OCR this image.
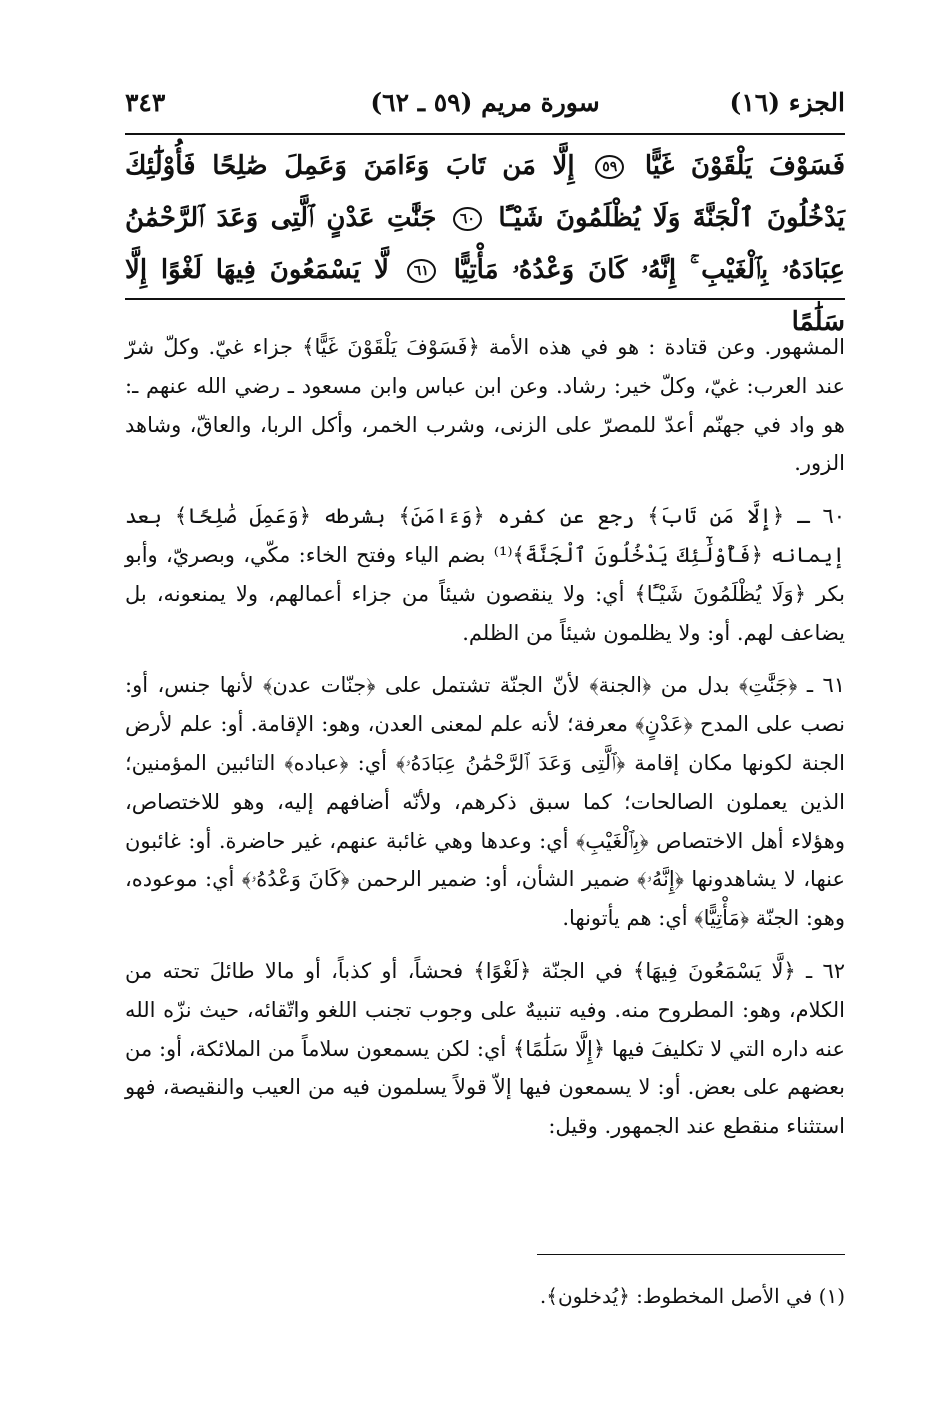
الجزء (١٦)
سورة مريم (٥٩ ـ ٦٢)
٣٤٣
فَسَوْفَ يَلْقَوْنَ غَيًّا ٥٩ إِلَّا مَن تَابَ وَءَامَنَ وَعَمِلَ صَٰلِحًا فَأُوْلَٰٓئِكَ يَدْخُلُونَ ٱلْجَنَّةَ وَلَا يُظْلَمُونَ شَيْـًٔا ٦٠ جَنَّٰتِ عَدْنٍ ٱلَّتِى وَعَدَ ٱلرَّحْمَٰنُ عِبَادَهُۥ بِٱلْغَيْبِ ۚ إِنَّهُۥ كَانَ وَعْدُهُۥ مَأْتِيًّا ٦١ لَّا يَسْمَعُونَ فِيهَا لَغْوًا إِلَّا سَلَٰمًا

المشهور. وعن قتادة : هو في هذه الأمة ﴿فَسَوْفَ يَلْقَوْنَ غَيًّا﴾ جزاء غيّ. وكلّ شرّ عند العرب: غيّ، وكلّ خير: رشاد. وعن ابن عباس وابن مسعود ـ رضي الله عنهم ـ: هو واد في جهنّم أعدّ للمصرّ على الزنى، وشرب الخمر، وأكل الربا، والعاقّ، وشاهد الزور.

٦٠ ـ ﴿إِلَّا مَن تَابَ﴾ رجع عن كفره ﴿وَءَامَنَ﴾ بشرطه ﴿وَعَمِلَ صَٰلِحًا﴾ بعد إيمانه ﴿فَأُوْلَٰٓئِكَ يَدْخُلُونَ ٱلْجَنَّةَ﴾⁽¹⁾ بضم الياء وفتح الخاء: مكّي، وبصريّ، وأبو بكر ﴿وَلَا يُظْلَمُونَ شَيْـًٔا﴾ أي: ولا ينقصون شيئاً من جزاء أعمالهم، ولا يمنعونه، بل يضاعف لهم. أو: ولا يظلمون شيئاً من الظلم.

٦١ ـ ﴿جَنَّٰتِ﴾ بدل من ﴿الجنة﴾ لأنّ الجنّة تشتمل على ﴿جنّات عدن﴾ لأنها جنس، أو: نصب على المدح ﴿عَدْنٍ﴾ معرفة؛ لأنه علم لمعنى العدن، وهو: الإقامة. أو: علم لأرض الجنة لكونها مكان إقامة ﴿ٱلَّتِى وَعَدَ ٱلرَّحْمَٰنُ عِبَادَهُۥ﴾ أي: ﴿عباده﴾ التائبين المؤمنين؛ الذين يعملون الصالحات؛ كما سبق ذكرهم، ولأنّه أضافهم إليه، وهو للاختصاص، وهؤلاء أهل الاختصاص ﴿بِٱلْغَيْبِ﴾ أي: وعدها وهي غائبة عنهم، غير حاضرة. أو: غائبون عنها، لا يشاهدونها ﴿إِنَّهُۥ﴾ ضمير الشأن، أو: ضمير الرحمن ﴿كَانَ وَعْدُهُۥ﴾ أي: موعوده، وهو: الجنّة ﴿مَأْتِيًّا﴾ أي: هم يأتونها.

٦٢ ـ ﴿لَّا يَسْمَعُونَ فِيهَا﴾ في الجنّة ﴿لَغْوًا﴾ فحشاً، أو كذباً، أو مالا طائلَ تحته من الكلام، وهو: المطروح منه. وفيه تنبيهٌ على وجوب تجنب اللغو واتّقائه، حيث نزّه الله عنه داره التي لا تكليفَ فيها ﴿إِلَّا سَلَٰمًا﴾ أي: لكن يسمعون سلاماً من الملائكة، أو: من بعضهم على بعض. أو: لا يسمعون فيها إلاّ قولاً يسلمون فيه من العيب والنقيصة، فهو استثناء منقطع عند الجمهور. وقيل:

(١) في الأصل المخطوط: ﴿يُدخلون﴾.
